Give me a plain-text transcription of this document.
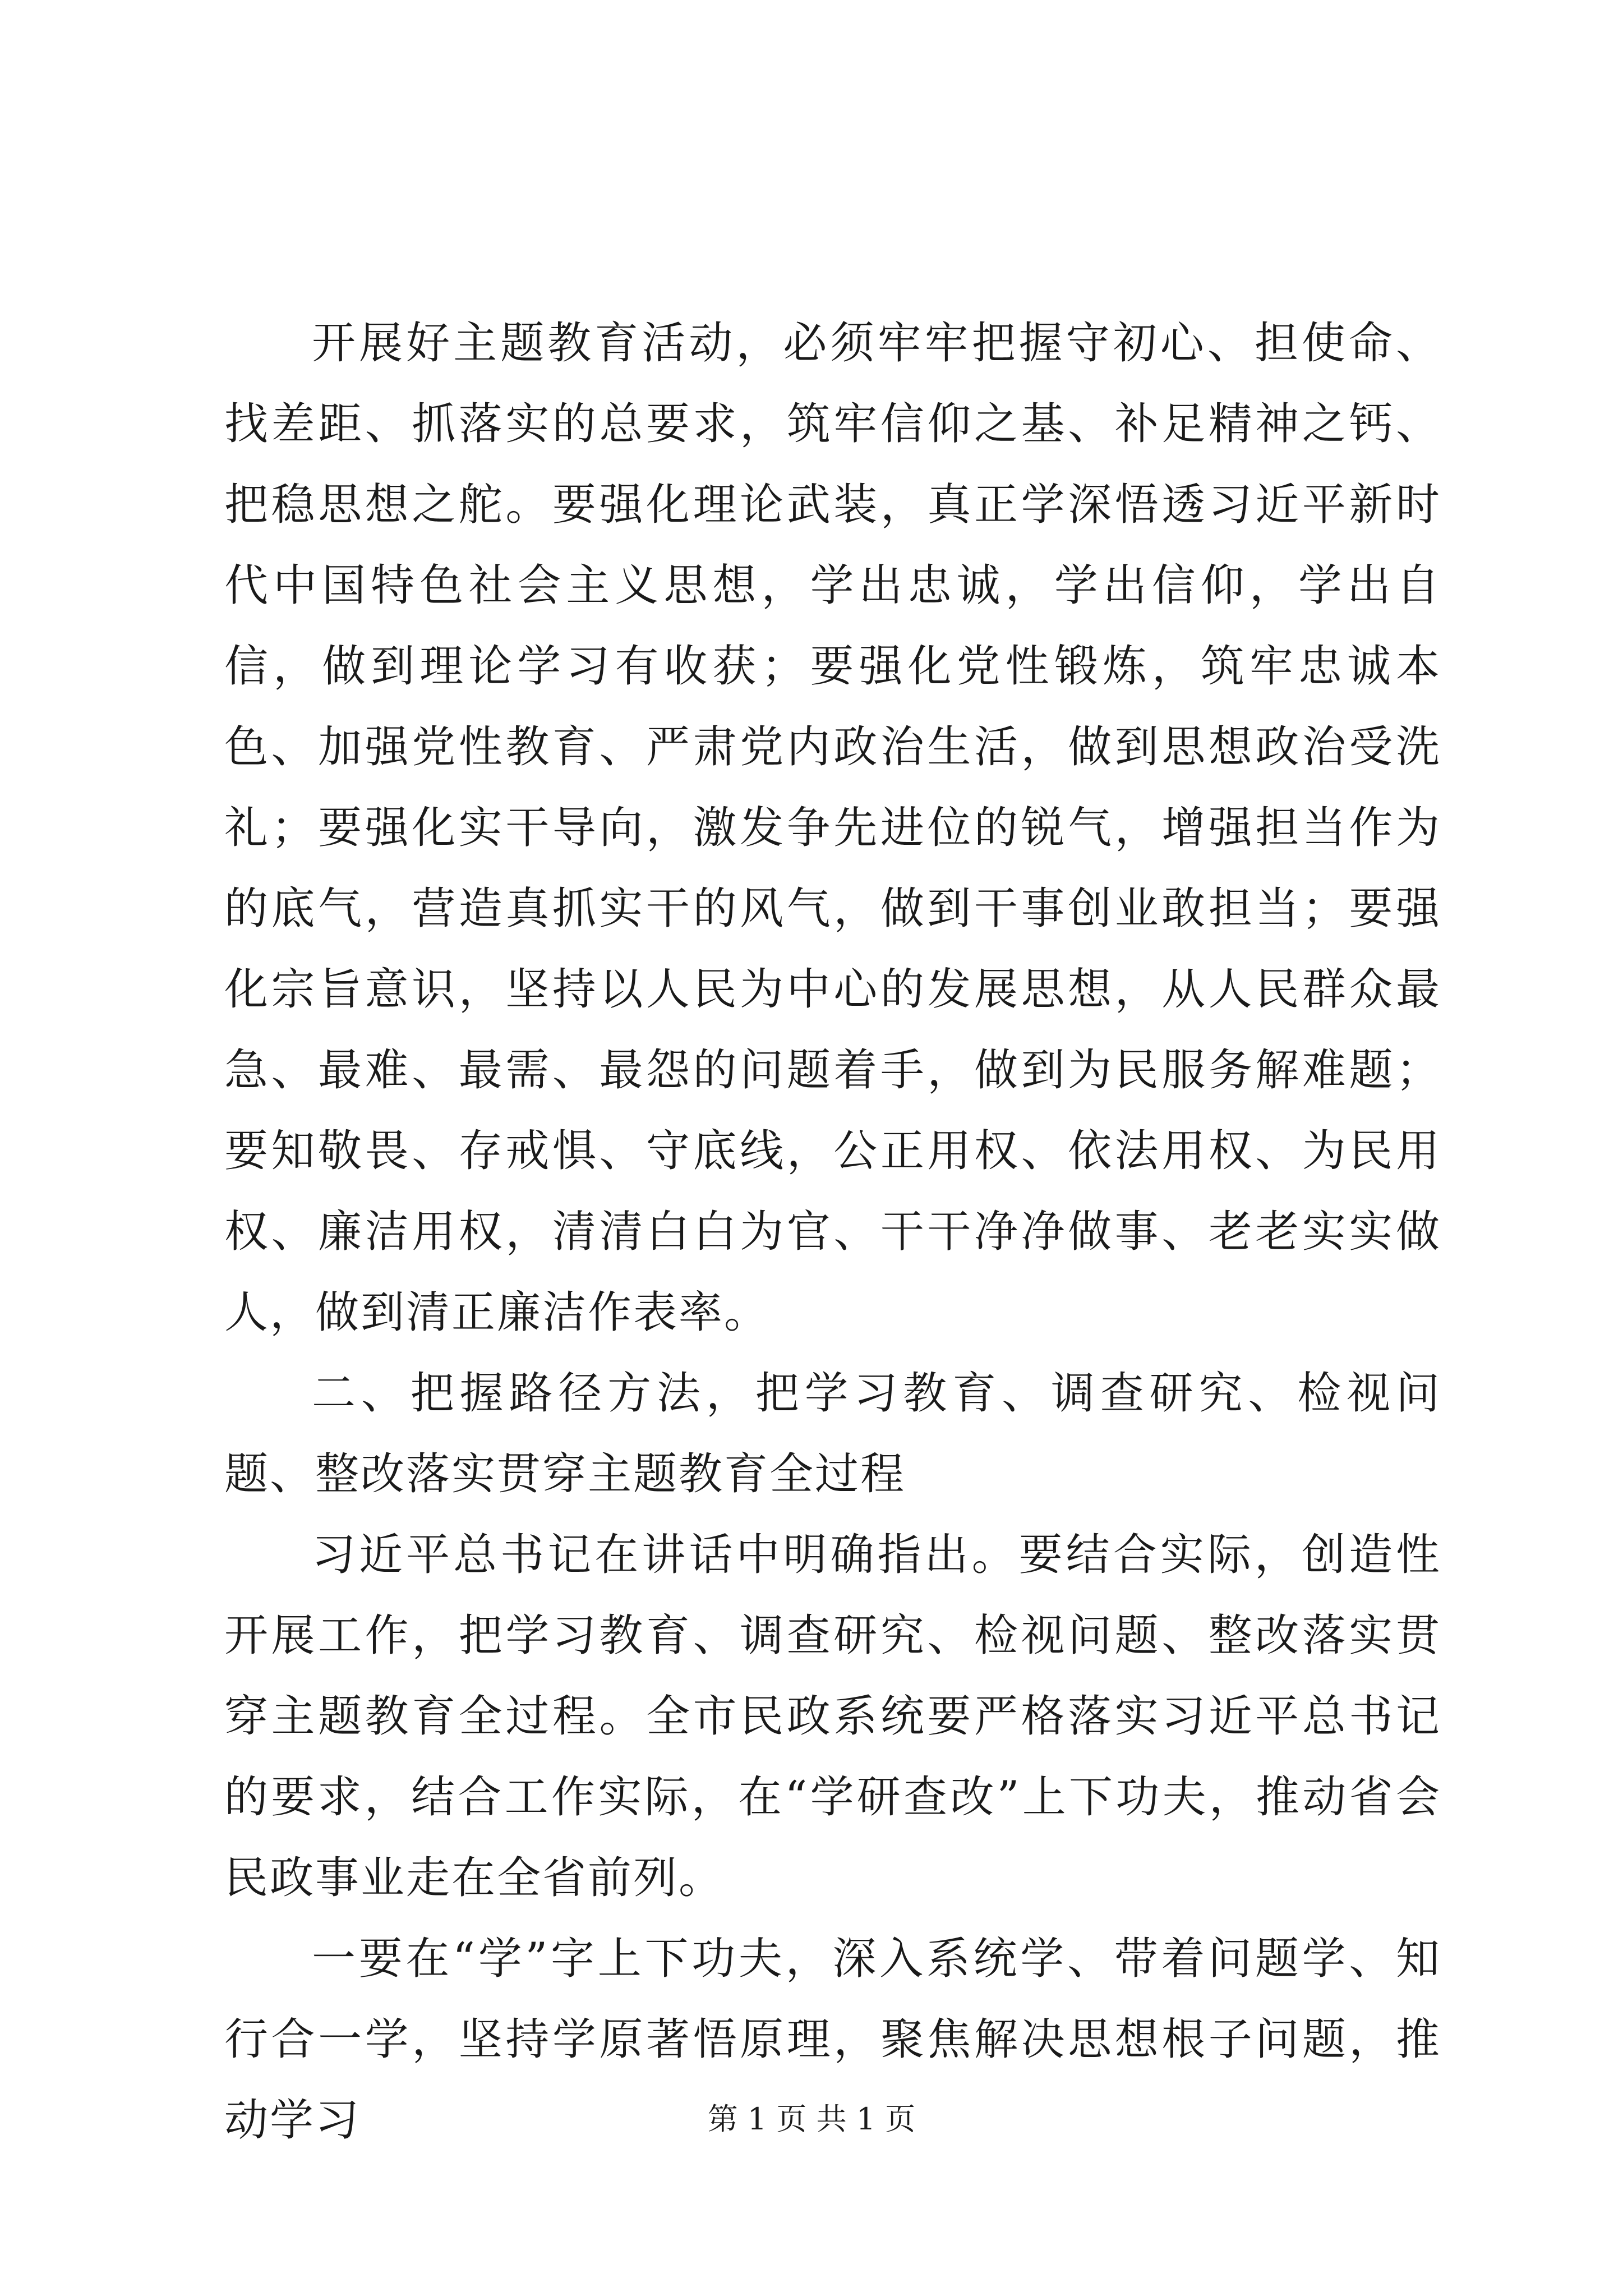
开展好主题教育活动，必须牢牢把握守初心、担使命、找差距、抓落实的总要求，筑牢信仰之基、补足精神之钙、把稳思想之舵。要强化理论武装，真正学深悟透习近平新时代中国特色社会主义思想，学出忠诚，学出信仰，学出自信，做到理论学习有收获；要强化党性锻炼，筑牢忠诚本色、加强党性教育、严肃党内政治生活，做到思想政治受洗礼；要强化实干导向，激发争先进位的锐气，增强担当作为的底气，营造真抓实干的风气，做到干事创业敢担当；要强化宗旨意识，坚持以人民为中心的发展思想，从人民群众最急、最难、最需、最怨的问题着手，做到为民服务解难题；要知敬畏、存戒惧、守底线，公正用权、依法用权、为民用权、廉洁用权，清清白白为官、干干净净做事、老老实实做人，做到清正廉洁作表率。

二、把握路径方法，把学习教育、调查研究、检视问题、整改落实贯穿主题教育全过程

习近平总书记在讲话中明确指出。要结合实际，创造性开展工作，把学习教育、调查研究、检视问题、整改落实贯穿主题教育全过程。全市民政系统要严格落实习近平总书记的要求，结合工作实际，在“学研查改”上下功夫，推动省会民政事业走在全省前列。

一要在“学”字上下功夫，深入系统学、带着问题学、知行合一学，坚持学原著悟原理，聚焦解决思想根子问题，推动学习	第 1 页 共 1 页
